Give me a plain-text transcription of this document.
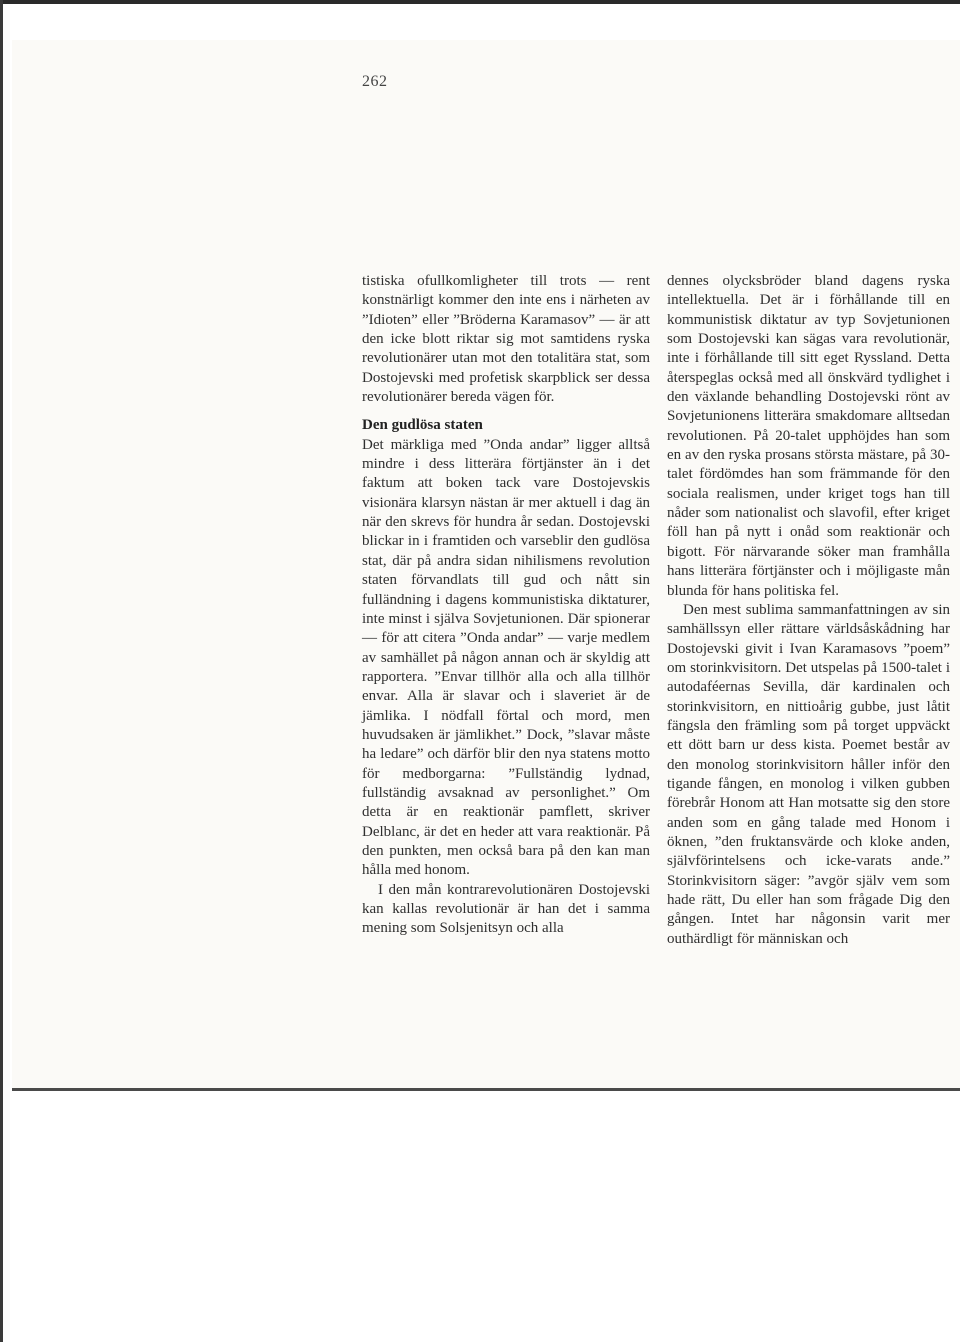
262

tistiska ofullkomligheter till trots — rent konstnärligt kommer den inte ens i närheten av ”Idioten” eller ”Bröderna Karamasov” — är att den icke blott riktar sig mot samtidens ryska revolutionärer utan mot den totalitära stat, som Dostojevski med profetisk skarpblick ser dessa revolutionärer bereda vägen för.

Den gudlösa staten

Det märkliga med ”Onda andar” ligger alltså mindre i dess litterära förtjänster än i det faktum att boken tack vare Dostojevskis visionära klarsyn nästan är mer aktuell i dag än när den skrevs för hundra år sedan. Dostojevski blickar in i framtiden och varseblir den gudlösa stat, där på andra sidan nihilismens revolution staten förvandlats till gud och nått sin fulländning i dagens kommunistiska diktaturer, inte minst i själva Sovjetunionen. Där spionerar — för att citera ”Onda andar” — varje medlem av samhället på någon annan och är skyldig att rapportera. ”Envar tillhör alla och alla tillhör envar. Alla är slavar och i slaveriet är de jämlika. I nödfall förtal och mord, men huvudsaken är jämlikhet.” Dock, ”slavar måste ha ledare” och därför blir den nya statens motto för medborgarna: ”Fullständig lydnad, fullständig avsaknad av personlighet.” Om detta är en reaktionär pamflett, skriver Delblanc, är det en heder att vara reaktionär. På den punkten, men också bara på den kan man hålla med honom.

I den mån kontrarevolutionären Dostojevski kan kallas revolutionär är han det i samma mening som Solsjenitsyn och alla

dennes olycksbröder bland dagens ryska intellektuella. Det är i förhållande till en kommunistisk diktatur av typ Sovjetunionen som Dostojevski kan sägas vara revolutionär, inte i förhållande till sitt eget Ryssland. Detta återspeglas också med all önskvärd tydlighet i den växlande behandling Dostojevski rönt av Sovjetunionens litterära smakdomare alltsedan revolutionen. På 20-talet upphöjdes han som en av den ryska prosans största mästare, på 30-talet fördömdes han som främmande för den sociala realismen, under kriget togs han till nåder som nationalist och slavofil, efter kriget föll han på nytt i onåd som reaktionär och bigott. För närvarande söker man framhålla hans litterära förtjänster och i möjligaste mån blunda för hans politiska fel.

Den mest sublima sammanfattningen av sin samhällssyn eller rättare världsåskådning har Dostojevski givit i Ivan Karamasovs ”poem” om storinkvisitorn. Det utspelas på 1500-talet i autodaféernas Sevilla, där kardinalen och storinkvisitorn, en nittioårig gubbe, just låtit fängsla den främling som på torget uppväckt ett dött barn ur dess kista. Poemet består av den monolog storinkvisitorn håller inför den tigande fången, en monolog i vilken gubben förebrår Honom att Han motsatte sig den store anden som en gång talade med Honom i öknen, ”den fruktansvärde och kloke anden, självförintelsens och icke-varats ande.” Storinkvisitorn säger: ”avgör själv vem som hade rätt, Du eller han som frågade Dig den gången. Intet har någonsin varit mer outhärdligt för människan och
